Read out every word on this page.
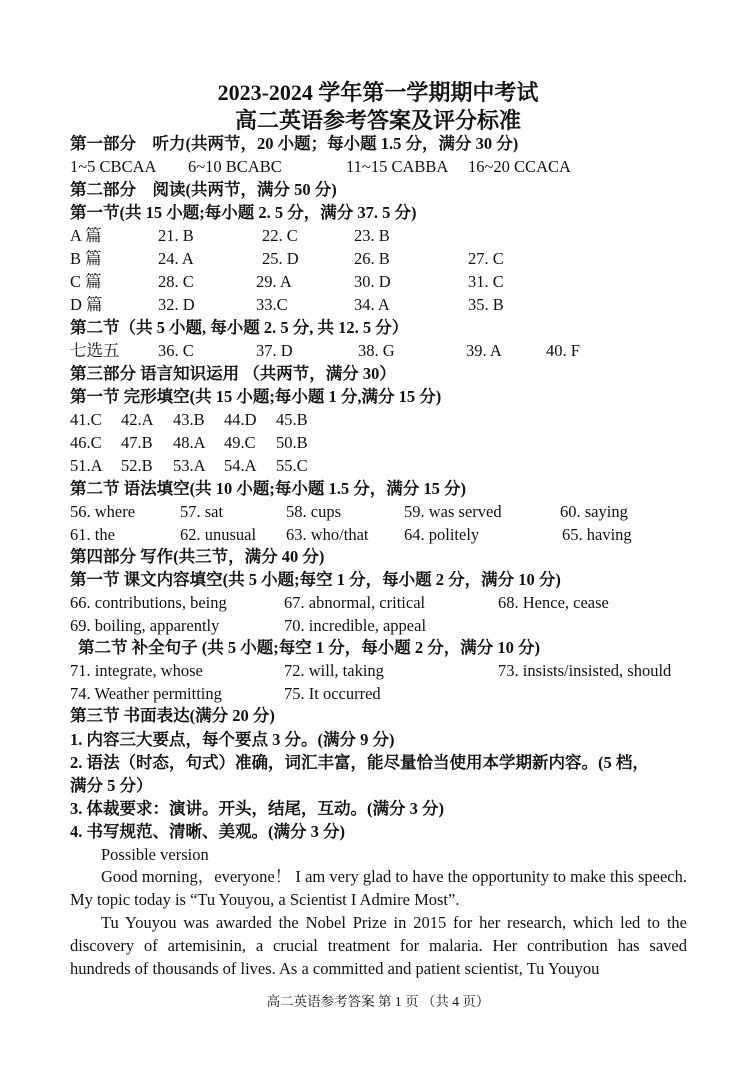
2023-2024 学年第一学期期中考试
高二英语参考答案及评分标准
第一部分　听力(共两节，20 小题；每小题 1.5 分，满分 30 分)
1~5 CBCAA 6~10 BCABC	11~15 CABBA 16~20 CCACA
第二部分　阅读(共两节，满分 50 分)
第一节(共 15 小题;每小题 2. 5 分，满分 37. 5 分)
A 篇	21. B	22. C	23. B
B 篇	24. A	25. D	26. B	27. C
C 篇	28. C	29. A	30. D	31. C
D 篇	32. D	33.C	34. A	35. B
第二节（共 5 小题, 每小题 2. 5 分, 共 12. 5 分）
七选五 36. C	37. D	38. G	39. A	40. F
第三部分 语言知识运用 （共两节，满分 30）
第一节 完形填空(共 15 小题;每小题 1 分,满分 15 分)
41.C 42.A 43.B 44.D 45.B
46.C 47.B 48.A 49.C 50.B
51.A 52.B 53.A 54.A 55.C
第二节 语法填空(共 10 小题;每小题 1.5 分，满分 15 分)
56. where	57. sat	58. cups	59. was served	60. saying
61. the	62. unusual 63. who/that 64. politely	65. having
第四部分 写作(共三节，满分 40 分)
第一节 课文内容填空(共 5 小题;每空 1 分，每小题 2 分，满分 10 分)
66. contributions, being	67. abnormal, critical	68. Hence, cease
69. boiling, apparently	70. incredible, appeal
第二节 补全句子 (共 5 小题;每空 1 分，每小题 2 分，满分 10 分)
71. integrate, whose	72. will, taking	73. insists/insisted, should
74. Weather permitting	75. It occurred
第三节 书面表达(满分 20 分)
1. 内容三大要点，每个要点 3 分。(满分 9 分)
2. 语法（时态，句式）准确，词汇丰富，能尽量恰当使用本学期新内容。(5 档，
满分 5 分）
3. 体裁要求：演讲。开头，结尾，互动。(满分 3 分)
4. 书写规范、清晰、美观。(满分 3 分)
Possible version
Good morning，everyone！ I am very glad to have the opportunity to make this speech. My topic today is “Tu Youyou, a Scientist I Admire Most”.
Tu Youyou was awarded the Nobel Prize in 2015 for her research, which led to the discovery of artemisinin, a crucial treatment for malaria. Her contribution has saved hundreds of thousands of lives. As a committed and patient scientist, Tu Youyou
高二英语参考答案 第 1 页 （共 4 页）
